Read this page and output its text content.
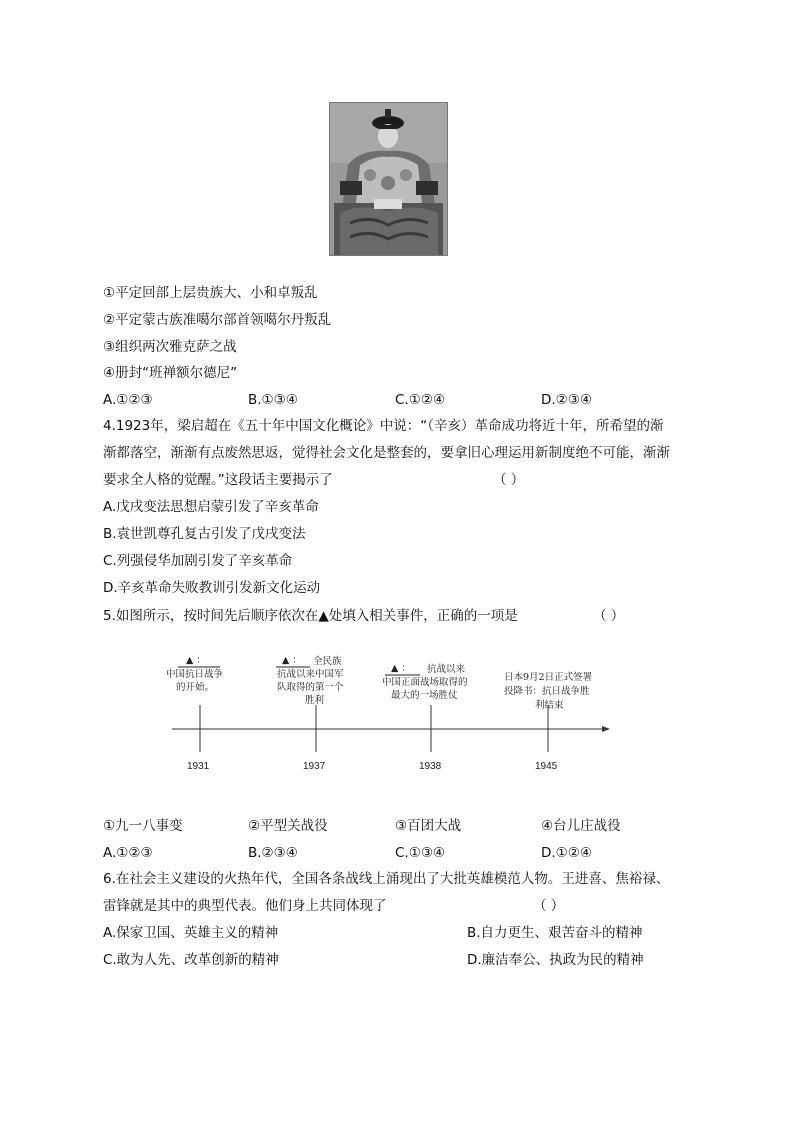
①平定回部上层贵族大、小和卓叛乱
②平定蒙古族准噶尔部首领噶尔丹叛乱
③组织两次雅克萨之战
④册封“班禅额尔德尼”
A.①②③	B.①③④	C.①②④	D.②③④
4.1923年，梁启超在《五十年中国文化概论》中说：“（辛亥）革命成功将近十年，所希望的渐
渐都落空，渐渐有点废然思返，觉得社会文化是整套的，要拿旧心理运用新制度绝不可能，渐渐
要求全人格的觉醒。”这段话主要揭示了	（ ）
A.戊戌变法思想启蒙引发了辛亥革命
B.袁世凯尊孔复古引发了戊戌变法
C.列强侵华加剧引发了辛亥革命
D.辛亥革命失败教训引发新文化运动
5.如图所示，按时间先后顺序依次在▲处填入相关事件，正确的一项是	（ ）
▲ ：
中国抗日战争
的开始。
1931
▲ ： 全民族
抗战以来中国军
队取得的第一个
胜利
1937
▲ ： 抗战以来
中国正面战场取得的
最大的一场胜仗
1938
日本9月2日正式签署
投降书：抗日战争胜
利结束
1945
①九一八事变	②平型关战役	③百团大战	④台儿庄战役
A.①②③	B.②③④	C.①③④	D.①②④
6.在社会主义建设的火热年代，全国各条战线上涌现出了大批英雄模范人物。王进喜、焦裕禄、
雷锋就是其中的典型代表。他们身上共同体现了	（ ）
A.保家卫国、英雄主义的精神	B.自力更生、艰苦奋斗的精神
C.敢为人先、改革创新的精神	D.廉洁奉公、执政为民的精神
